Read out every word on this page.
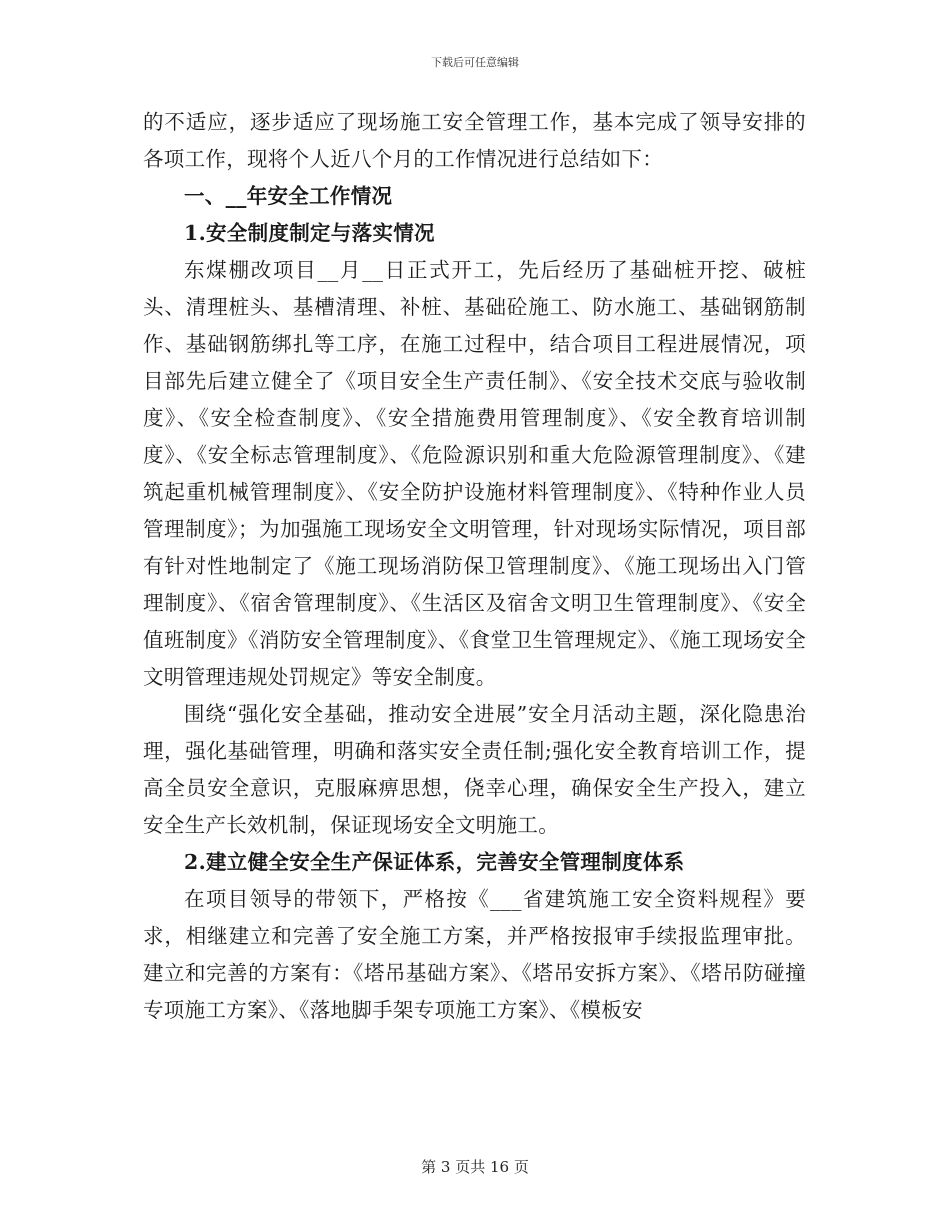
下载后可任意编辑

的不适应，逐步适应了现场施工安全管理工作，基本完成了领导安排的各项工作，现将个人近八个月的工作情况进行总结如下：

一、__年安全工作情况

1.安全制度制定与落实情况

东煤棚改项目__月__日正式开工，先后经历了基础桩开挖、破桩头、清理桩头、基槽清理、补桩、基础砼施工、防水施工、基础钢筋制作、基础钢筋绑扎等工序，在施工过程中，结合项目工程进展情况，项目部先后建立健全了《项目安全生产责任制》、《安全技术交底与验收制度》、《安全检查制度》、《安全措施费用管理制度》、《安全教育培训制度》、《安全标志管理制度》、《危险源识别和重大危险源管理制度》、《建筑起重机械管理制度》、《安全防护设施材料管理制度》、《特种作业人员管理制度》；为加强施工现场安全文明管理，针对现场实际情况，项目部有针对性地制定了《施工现场消防保卫管理制度》、《施工现场出入门管理制度》、《宿舍管理制度》、《生活区及宿舍文明卫生管理制度》、《安全值班制度》《消防安全管理制度》、《食堂卫生管理规定》、《施工现场安全文明管理违规处罚规定》等安全制度。

围绕“强化安全基础，推动安全进展”安全月活动主题，深化隐患治理，强化基础管理，明确和落实安全责任制;强化安全教育培训工作，提高全员安全意识，克服麻痹思想，侥幸心理，确保安全生产投入，建立安全生产长效机制，保证现场安全文明施工。

2.建立健全安全生产保证体系，完善安全管理制度体系

在项目领导的带领下，严格按《___省建筑施工安全资料规程》要求，相继建立和完善了安全施工方案，并严格按报审手续报监理审批。建立和完善的方案有：《塔吊基础方案》、《塔吊安拆方案》、《塔吊防碰撞专项施工方案》、《落地脚手架专项施工方案》、《模板安

第 3 页共 16 页
